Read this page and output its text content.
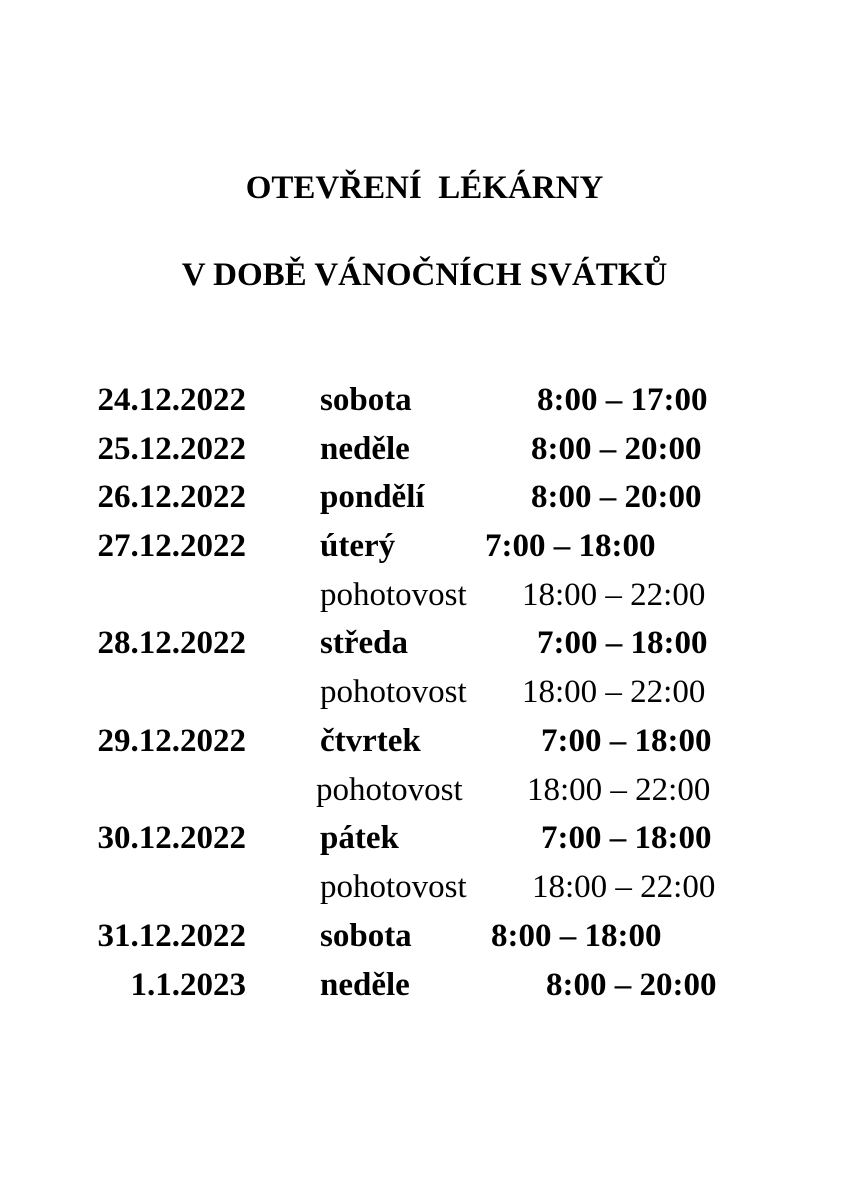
OTEVŘENÍ  LÉKÁRNY
V DOBĚ VÁNOČNÍCH SVÁTKŮ
24.12.2022 sobota	8:00 – 17:00
25.12.2022 neděle	8:00 – 20:00
26.12.2022 pondělí	8:00 – 20:00
27.12.2022 úterý	7:00 – 18:00
pohotovost 18:00 – 22:00
28.12.2022 středa	7:00 – 18:00
pohotovost 18:00 – 22:00
29.12.2022 čtvrtek	7:00 – 18:00
pohotovost 18:00 – 22:00
30.12.2022 pátek	7:00 – 18:00
pohotovost 18:00 – 22:00
31.12.2022 sobota 8:00 – 18:00
1.1.2023 neděle	8:00 – 20:00
